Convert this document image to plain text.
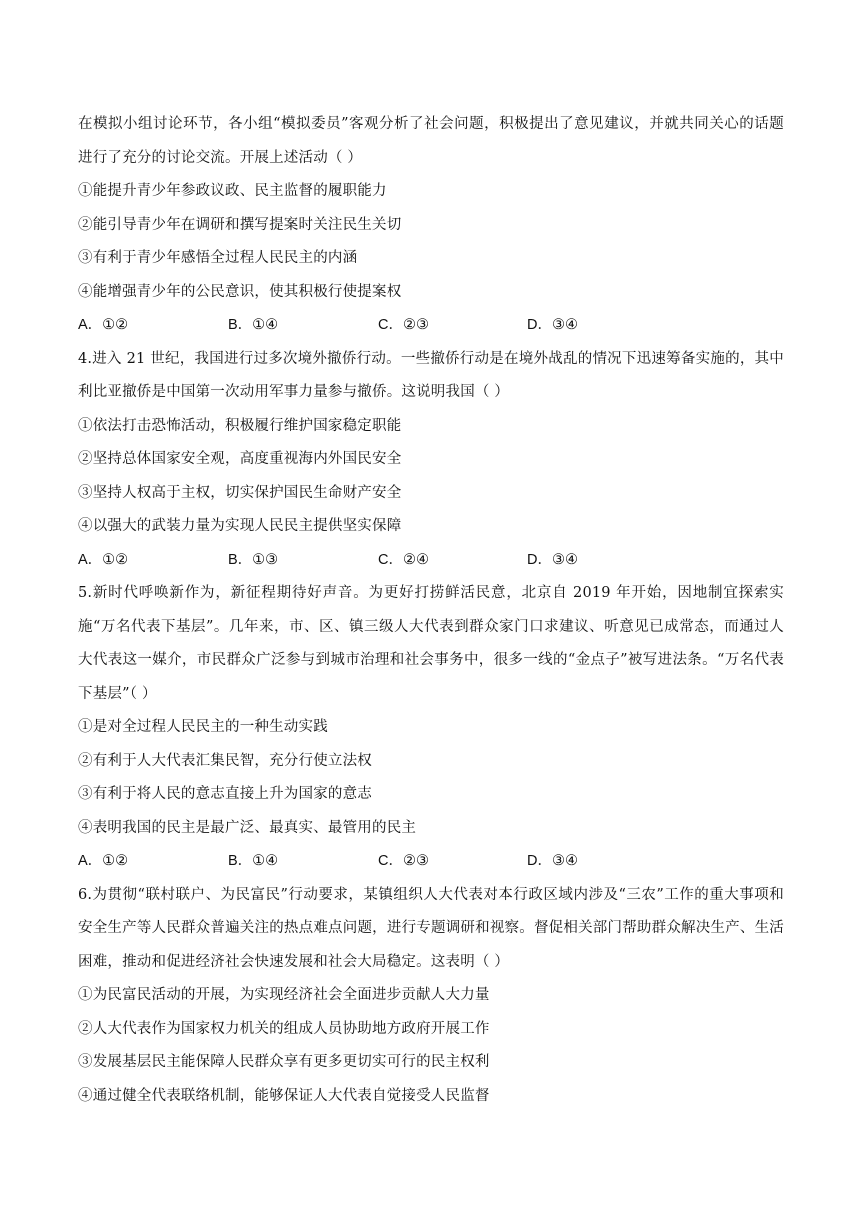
在模拟小组讨论环节，各小组“模拟委员”客观分析了社会问题，积极提出了意见建议，并就共同关心的话题进行了充分的讨论交流。开展上述活动（ ）

①能提升青少年参政议政、民主监督的履职能力

②能引导青少年在调研和撰写提案时关注民生关切

③有利于青少年感悟全过程人民民主的内涵

④能增强青少年的公民意识，使其积极行使提案权

A．①②	B．①④	C．②③	D．③④

4.进入 21 世纪，我国进行过多次境外撤侨行动。一些撤侨行动是在境外战乱的情况下迅速筹备实施的，其中利比亚撤侨是中国第一次动用军事力量参与撤侨。这说明我国（ ）

①依法打击恐怖活动，积极履行维护国家稳定职能

②坚持总体国家安全观，高度重视海内外国民安全

③坚持人权高于主权，切实保护国民生命财产安全

④以强大的武装力量为实现人民民主提供坚实保障

A．①②	B．①③	C．②④	D．③④

5.新时代呼唤新作为，新征程期待好声音。为更好打捞鲜活民意，北京自 2019 年开始，因地制宜探索实施“万名代表下基层”。几年来，市、区、镇三级人大代表到群众家门口求建议、听意见已成常态，而通过人大代表这一媒介，市民群众广泛参与到城市治理和社会事务中，很多一线的“金点子”被写进法条。“万名代表下基层”（ ）

①是对全过程人民民主的一种生动实践

②有利于人大代表汇集民智，充分行使立法权

③有利于将人民的意志直接上升为国家的意志

④表明我国的民主是最广泛、最真实、最管用的民主

A．①②	B．①④	C．②③	D．③④

6.为贯彻“联村联户、为民富民”行动要求，某镇组织人大代表对本行政区域内涉及“三农”工作的重大事项和安全生产等人民群众普遍关注的热点难点问题，进行专题调研和视察。督促相关部门帮助群众解决生产、生活困难，推动和促进经济社会快速发展和社会大局稳定。这表明（ ）

①为民富民活动的开展，为实现经济社会全面进步贡献人大力量

②人大代表作为国家权力机关的组成人员协助地方政府开展工作

③发展基层民主能保障人民群众享有更多更切实可行的民主权利

④通过健全代表联络机制，能够保证人大代表自觉接受人民监督
